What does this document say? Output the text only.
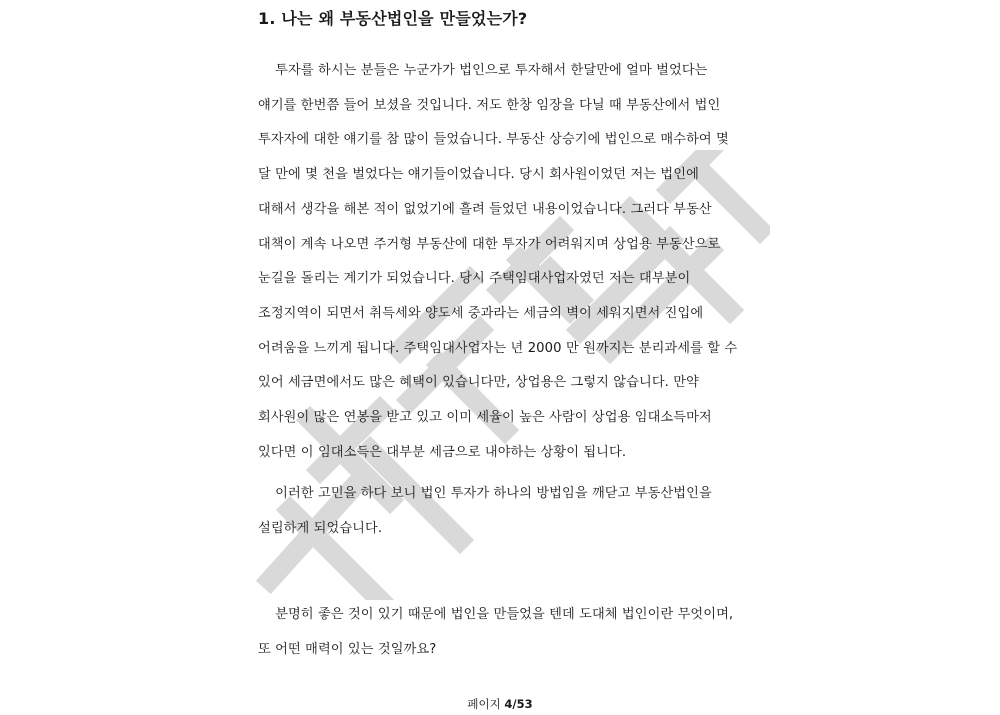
1. 나는 왜 부동산법인을 만들었는가?
투자를 하시는 분들은 누군가가 법인으로 투자해서 한달만에 얼마 벌었다는
얘기를 한번쯤 들어 보셨을 것입니다. 저도 한창 임장을 다닐 때 부동산에서 법인
투자자에 대한 얘기를 참 많이 들었습니다. 부동산 상승기에 법인으로 매수하여 몇
달 만에 몇 천을 벌었다는 얘기들이었습니다. 당시 회사원이었던 저는 법인에
대해서 생각을 해본 적이 없었기에 흘려 들었던 내용이었습니다. 그러다 부동산
대책이 계속 나오면 주거형 부동산에 대한 투자가 어려워지며 상업용 부동산으로
눈길을 돌리는 계기가 되었습니다. 당시 주택임대사업자였던 저는 대부분이
조정지역이 되면서 취득세와 양도세 중과라는 세금의 벽이 세워지면서 진입에
어려움을 느끼게 됩니다. 주택임대사업자는 년 2000 만 원까지는 분리과세를 할 수
있어 세금면에서도 많은 혜택이 있습니다만, 상업용은 그렇지 않습니다. 만약
회사원이 많은 연봉을 받고 있고 이미 세율이 높은 사람이 상업용 임대소득마저
있다면 이 임대소득은 대부분 세금으로 내야하는 상황이 됩니다.
이러한 고민을 하다 보니 법인 투자가 하나의 방법임을 깨닫고 부동산법인을
설립하게 되었습니다.
분명히 좋은 것이 있기 때문에 법인을 만들었을 텐데 도대체 법인이란 무엇이며,
또 어떤 매력이 있는 것일까요?
페이지 4/53
